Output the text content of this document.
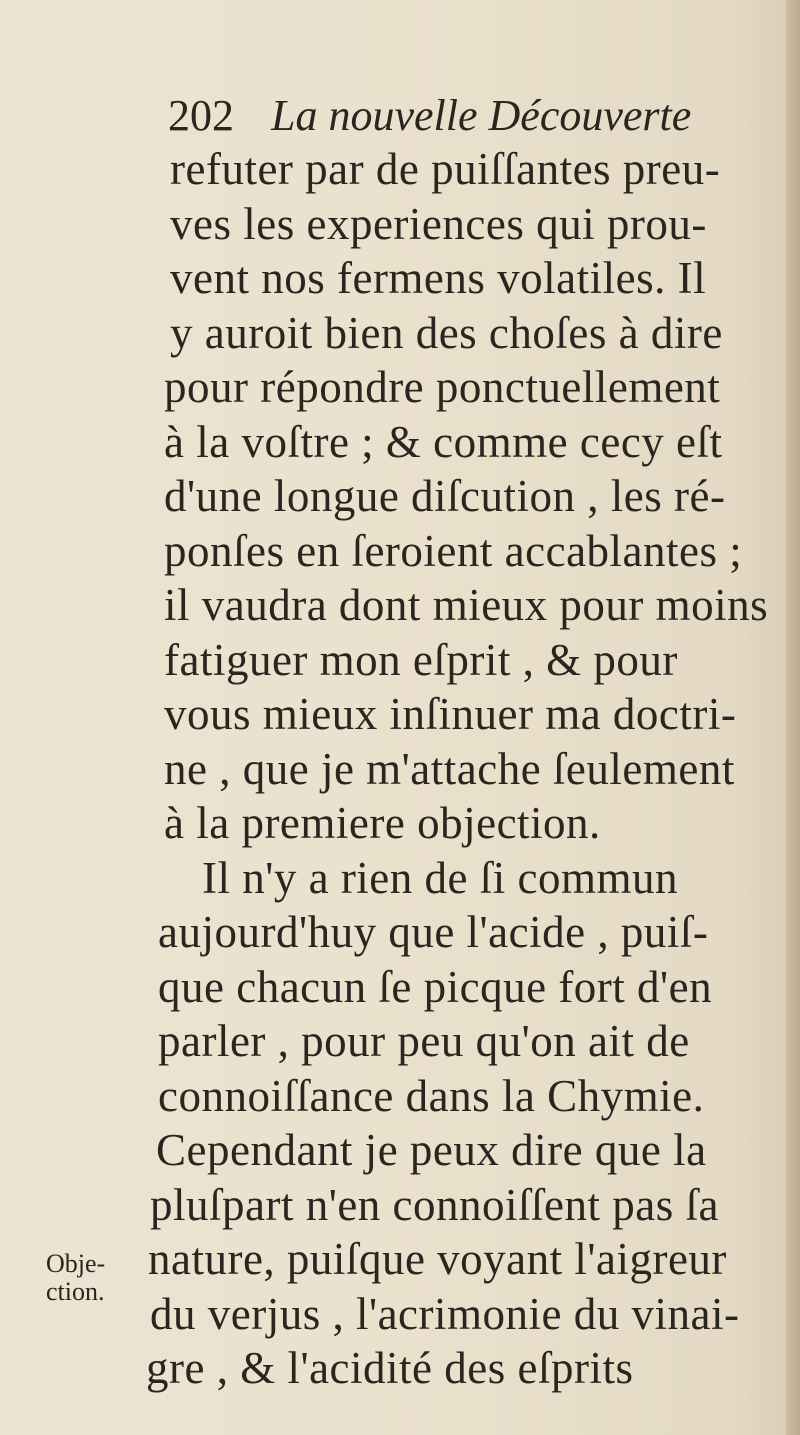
202 La nouvelle Découverte
refuter par de puiſſantes preu-
ves les experiences qui prou-
vent nos fermens volatiles. Il
y auroit bien des choſes à dire
pour répondre ponctuellement
à la voſtre ; & comme cecy eſt
d'une longue diſcution , les ré-
ponſes en ſeroient accablantes ;
il vaudra dont mieux pour moins
fatiguer mon eſprit , & pour
vous mieux inſinuer ma doctri-
ne , que je m'attache ſeulement
à la premiere objection.
Il n'y a rien de ſi commun
aujourd'huy que l'acide , puiſ-
que chacun ſe picque fort d'en
parler , pour peu qu'on ait de
connoiſſance dans la Chymie.
Cependant je peux dire que la
pluſpart n'en connoiſſent pas ſa
nature, puiſque voyant l'aigreur
du verjus , l'acrimonie du vinai-
gre , & l'acidité des eſprits
Obje-
ction.
